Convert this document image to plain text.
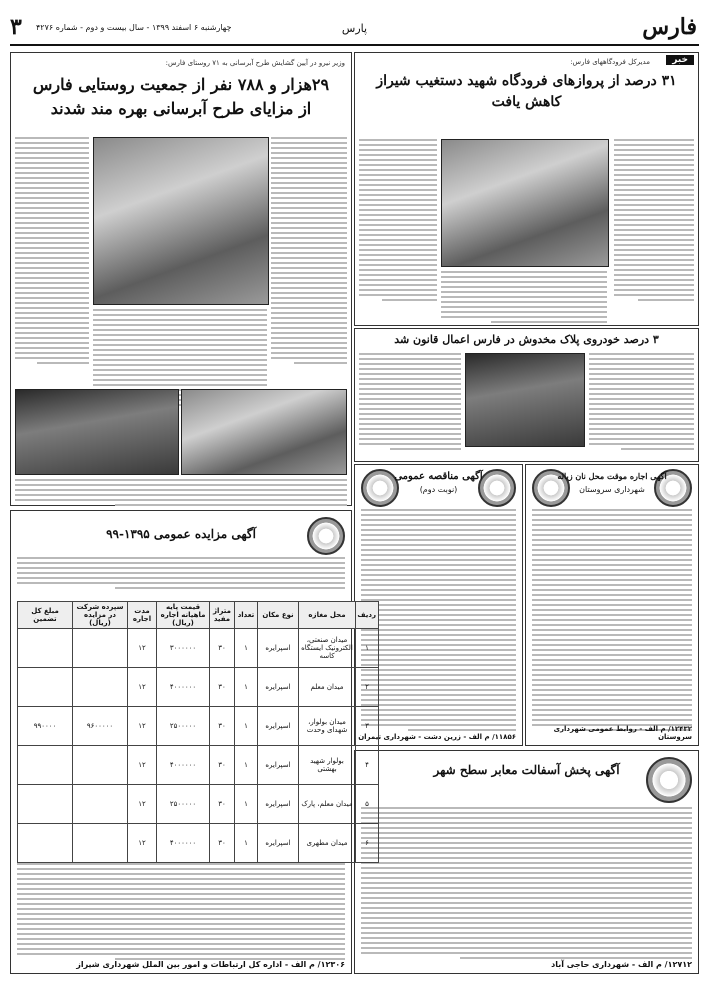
فارس
پارس
چهارشنبه ۶ اسفند ۱۳۹۹ - سال بیست و دوم - شماره ۴۲۷۶
۳
خبر
مدیرکل فرودگاههای فارس:
۳۱ درصد از پروازهای فرودگاه شهید دستغیب شیراز
کاهش یافت
۳ درصد خودروی پلاک مخدوش در فارس اعمال قانون شد
آگهی اجاره موقت محل نان زیاله
شهرداری سروستان
۱۲۴۳۲/ م الف - روابط عمومی شهرداری سروستان
آگهی مناقصه عمومی
(نوبت دوم)
۱۱۸۵۶/ م الف - زرین دشت - شهرداری تیمران
آگهی پخش آسفالت معابر سطح شهر
۱۲۷۱۲/ م الف - شهرداری حاجی آباد
وزیر نیرو در آیین گشایش طرح آبرسانی به ۷۱ روستای فارس:
۲۹هزار و ۷۸۸ نفر از جمعیت روستایی فارس
از مزایای طرح آبرسانی بهره مند شدند
آگهی مزایده عمومی ۱۳۹۵-۹۹
ردیف	محل مغازه	نوع مکان	تعداد	متراژ مفید	قیمت پایه ماهیانه اجاره (ریال)	مدت اجاره	سپرده شرکت در مزایده (ریال)	مبلغ کل تضمین
۱	میدان صنعتی، الکترونیک ایستگاه کاسه	اسپرایره	۱	۳۰	۳۰۰۰۰۰۰	۱۲		
۲	میدان معلم	اسپرایره	۱	۳۰	۴۰۰۰۰۰۰	۱۲		
۳	میدان بولوار، شهدای وحدت	اسپرایره	۱	۳۰	۲۵۰۰۰۰۰	۱۲	۹۶۰۰۰۰۰	۹۹۰۰۰۰
۴	بولوار شهید بهشتی	اسپرایره	۱	۳۰	۴۰۰۰۰۰۰	۱۲		
۵	میدان معلم، پارک	اسپرایره	۱	۳۰	۲۵۰۰۰۰۰	۱۲		
۶	میدان مطهری	اسپرایره	۱	۳۰	۴۰۰۰۰۰۰	۱۲		
۱۲۳۰۶/ م الف - اداره کل ارتباطات و امور بین الملل شهرداری شیراز
